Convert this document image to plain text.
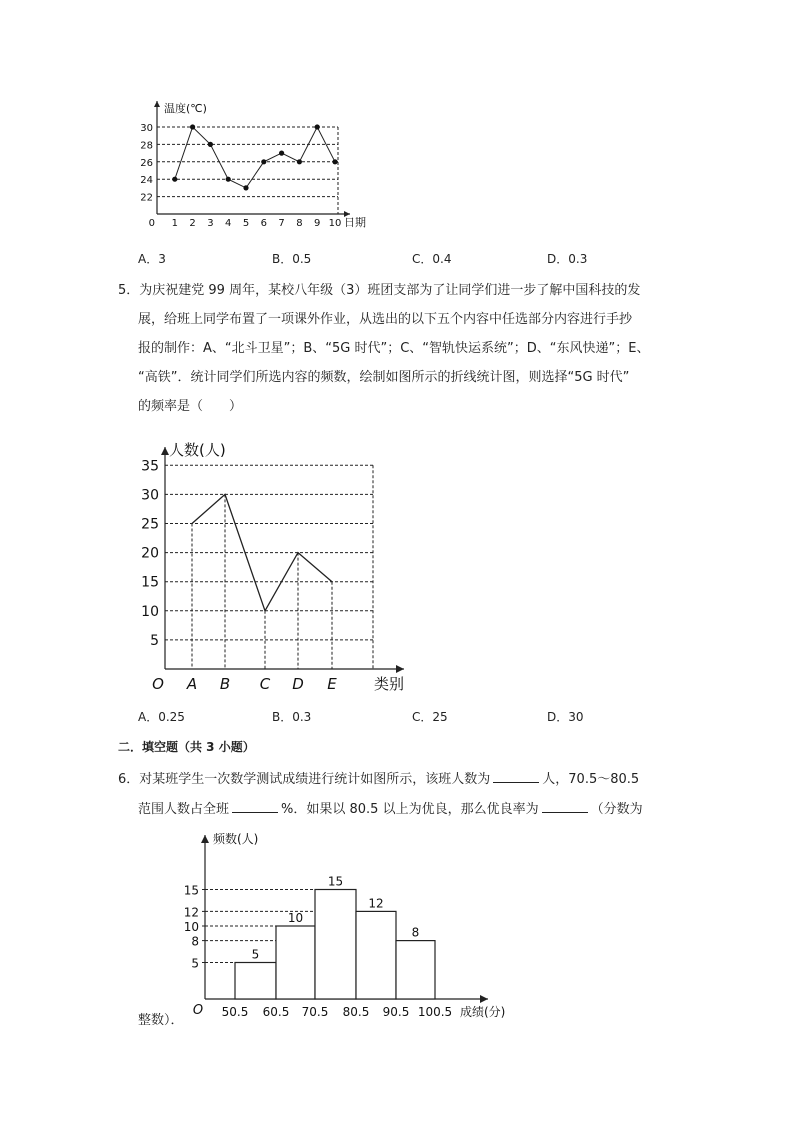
22
24
26
28
30
1 2 3 4 5 6 7 8 9 10
0
温度(℃)
日期
A．3	B．0.5	C．0.4	D．0.3
5．为庆祝建党 99 周年，某校八年级（3）班团支部为了让同学们进一步了解中国科技的发
展，给班上同学布置了一项课外作业，从选出的以下五个内容中任选部分内容进行手抄
报的制作：A、“北斗卫星”；B、“5G 时代”；C、“智轨快运系统”；D、“东风快递”；E、
“高铁”．统计同学们所选内容的频数，绘制如图所示的折线统计图，则选择“5G 时代”
的频率是（　　）
5
10
15
20
25
30
35
A B C D E
O
人数(人)
类别
A．0.25	B．0.3	C．25	D．30
二．填空题（共 3 小题）
6．对某班学生一次数学测试成绩进行统计如图所示，该班人数为	人，70.5～80.5
范围人数占全班	%．如果以 80.5 以上为优良，那么优良率为	（分数为
5
8
10
12
15
5
10
15
12
8
50.5 60.5 70.5 80.5 90.5 100.5
O
频数(人)
成绩(分)
整数）．
